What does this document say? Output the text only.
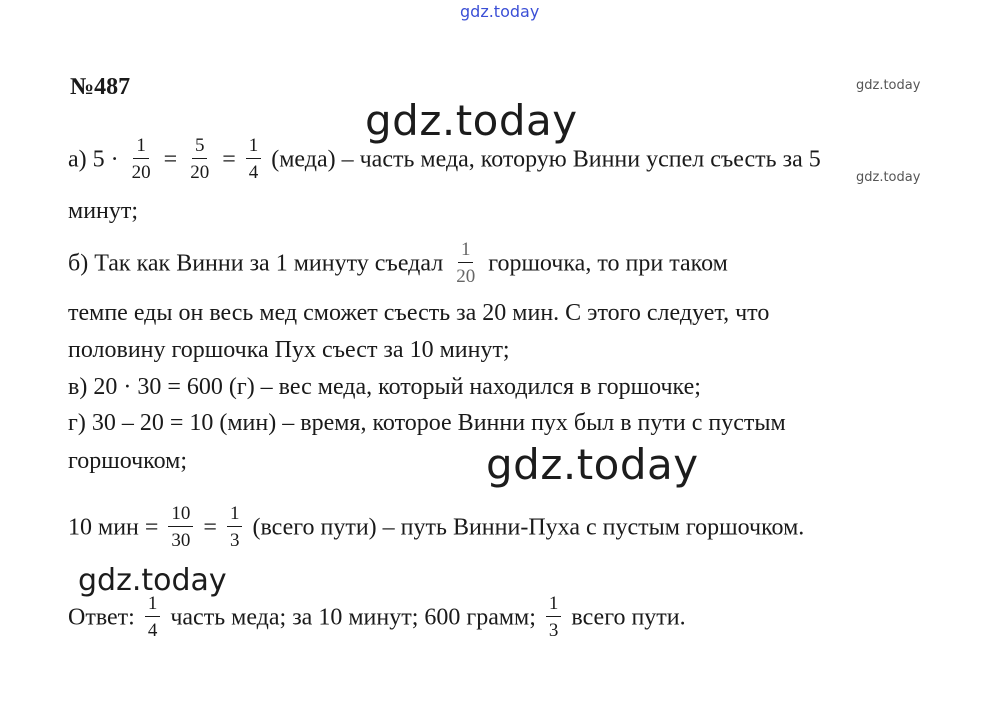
gdz.today
gdz.today
gdz.today
gdz.today
gdz.today
gdz.today
№487
а) $5 \cdot \frac{1}{20} = \frac{5}{20} = \frac{1}{4}$ (меда) – часть меда, которую Винни успел съесть за 5
минут;
б) Так как Винни за 1 минуту съедал $\frac{1}{20}$ горшочка, то при таком
темпе еды он весь мед сможет съесть за 20 мин. С этого следует, что
половину горшочка Пух съест за 10 минут;
в) 20 · 30 = 600 (г) – вес меда, который находился в горшочке;
г) 30 – 20 = 10 (мин) – время, которое Винни пух был в пути с пустым
горшочком;
10 мин = $\frac{10}{30} = \frac{1}{3}$ (всего пути) – путь Винни-Пуха с пустым горшочком.
Ответ: $\frac{1}{4}$ часть меда; за 10 минут; 600 грамм; $\frac{1}{3}$ всего пути.
